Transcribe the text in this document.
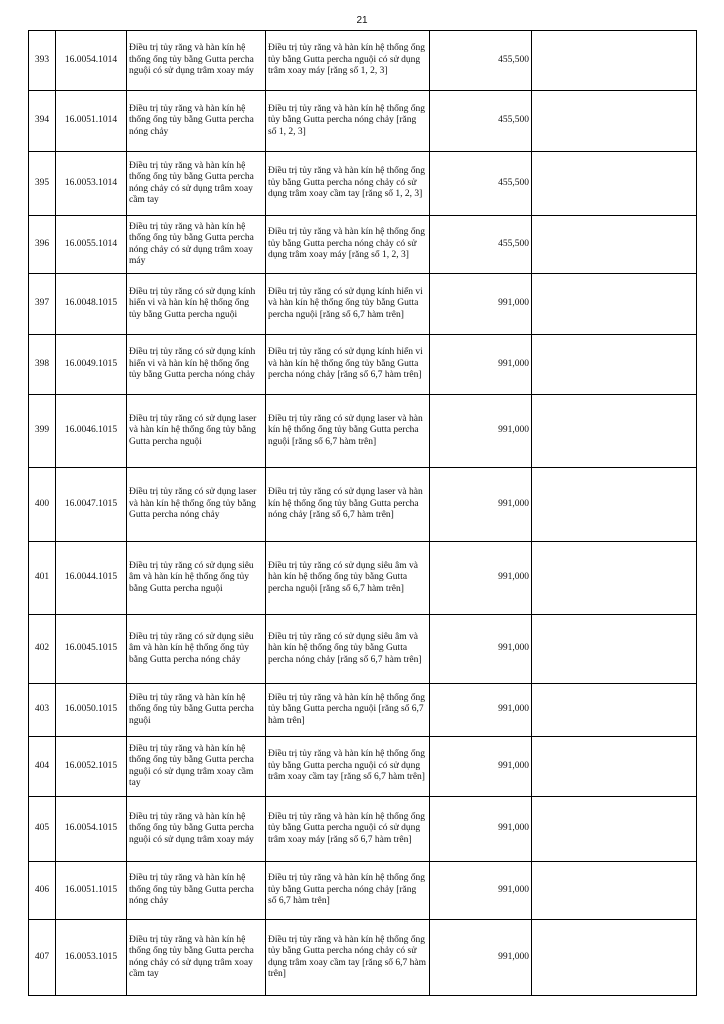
21
393	16.0054.1014	Điều trị tủy răng và hàn kín hệ thống ống tủy bằng Gutta percha nguội có sử dụng trâm xoay máy	Điều trị tủy răng và hàn kín hệ thống ống tủy bằng Gutta percha nguội có sử dụng trâm xoay máy [răng số 1, 2, 3]	455,500	
394	16.0051.1014	Điều trị tủy răng và hàn kín hệ thống ống tủy bằng Gutta percha nóng chảy	Điều trị tủy răng và hàn kín hệ thống ống tủy bằng Gutta percha nóng chảy [răng số 1, 2, 3]	455,500	
395	16.0053.1014	Điều trị tủy răng và hàn kín hệ thống ống tủy bằng Gutta percha nóng chảy có sử dụng trâm xoay cầm tay	Điều trị tủy răng và hàn kín hệ thống ống tủy bằng Gutta percha nóng chảy có sử dụng trâm xoay cầm tay [răng số 1, 2, 3]	455,500	
396	16.0055.1014	Điều trị tủy răng và hàn kín hệ thống ống tủy bằng Gutta percha nóng chảy có sử dụng trâm xoay máy	Điều trị tủy răng và hàn kín hệ thống ống tủy bằng Gutta percha nóng chảy có sử dụng trâm xoay máy [răng số 1, 2, 3]	455,500	
397	16.0048.1015	Điều trị tủy răng có sử dụng kính hiển vi và hàn kín hệ thống ống tủy bằng Gutta percha nguội	Điều trị tủy răng có sử dụng kính hiển vi và hàn kín hệ thống ống tủy bằng Gutta percha nguội [răng số 6,7 hàm trên]	991,000	
398	16.0049.1015	Điều trị tủy răng có sử dụng kính hiển vi và hàn kín hệ thống ống tủy bằng Gutta percha nóng chảy	Điều trị tủy răng có sử dụng kính hiển vi và hàn kín hệ thống ống tủy bằng Gutta percha nóng chảy [răng số 6,7 hàm trên]	991,000	
399	16.0046.1015	Điều trị tủy răng có sử dụng laser và hàn kín hệ thống ống tủy bằng Gutta percha nguội	Điều trị tủy răng có sử dụng laser và hàn kín hệ thống ống tủy bằng Gutta percha nguội [răng số 6,7 hàm trên]	991,000	
400	16.0047.1015	Điều trị tủy răng có sử dụng laser và hàn kín hệ thống ống tủy bằng Gutta percha nóng chảy	Điều trị tủy răng có sử dụng laser và hàn kín hệ thống ống tủy bằng Gutta percha nóng chảy [răng số 6,7 hàm trên]	991,000	
401	16.0044.1015	Điều trị tủy răng có sử dụng siêu âm và hàn kín hệ thống ống tủy bằng Gutta percha nguội	Điều trị tủy răng có sử dụng siêu âm và hàn kín hệ thống ống tủy bằng Gutta percha nguội [răng số 6,7 hàm trên]	991,000	
402	16.0045.1015	Điều trị tủy răng có sử dụng siêu âm và hàn kín hệ thống ống tủy bằng Gutta percha nóng chảy	Điều trị tủy răng có sử dụng siêu âm và hàn kín hệ thống ống tủy bằng Gutta percha nóng chảy [răng số 6,7 hàm trên]	991,000	
403	16.0050.1015	Điều trị tủy răng và hàn kín hệ thống ống tủy bằng Gutta percha nguội	Điều trị tủy răng và hàn kín hệ thống ống tủy bằng Gutta percha nguội [răng số 6,7 hàm trên]	991,000	
404	16.0052.1015	Điều trị tủy răng và hàn kín hệ thống ống tủy bằng Gutta percha nguội có sử dụng trâm xoay cầm tay	Điều trị tủy răng và hàn kín hệ thống ống tủy bằng Gutta percha nguội có sử dụng trâm xoay cầm tay [răng số 6,7 hàm trên]	991,000	
405	16.0054.1015	Điều trị tủy răng và hàn kín hệ thống ống tủy bằng Gutta percha nguội có sử dụng trâm xoay máy	Điều trị tủy răng và hàn kín hệ thống ống tủy bằng Gutta percha nguội có sử dụng trâm xoay máy [răng số 6,7 hàm trên]	991,000	
406	16.0051.1015	Điều trị tủy răng và hàn kín hệ thống ống tủy bằng Gutta percha nóng chảy	Điều trị tủy răng và hàn kín hệ thống ống tủy bằng Gutta percha nóng chảy [răng số 6,7 hàm trên]	991,000	
407	16.0053.1015	Điều trị tủy răng và hàn kín hệ thống ống tủy bằng Gutta percha nóng chảy có sử dụng trâm xoay cầm tay	Điều trị tủy răng và hàn kín hệ thống ống tủy bằng Gutta percha nóng chảy có sử dụng trâm xoay cầm tay [răng số 6,7 hàm trên]	991,000	
